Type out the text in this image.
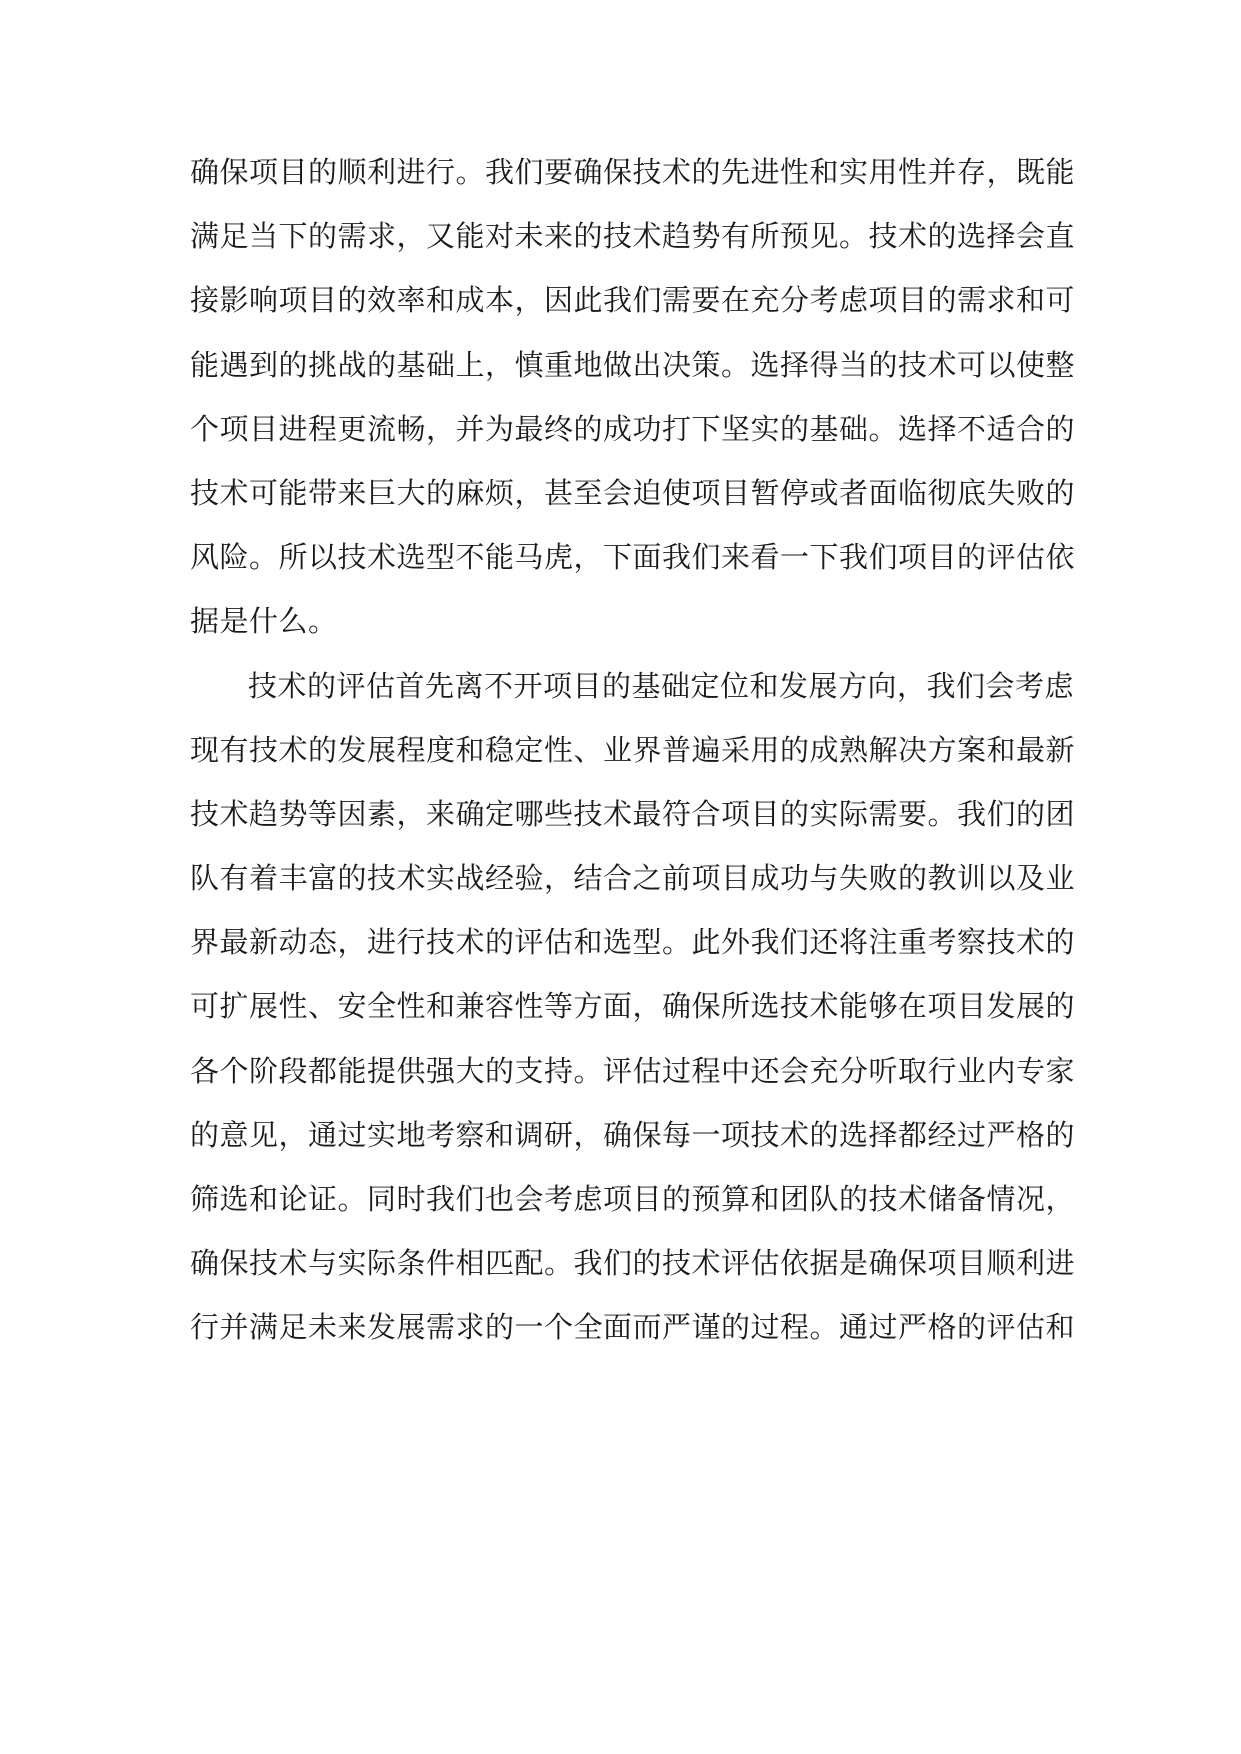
确保项目的顺利进行。我们要确保技术的先进性和实用性并存，既能
满足当下的需求，又能对未来的技术趋势有所预见。技术的选择会直
接影响项目的效率和成本，因此我们需要在充分考虑项目的需求和可
能遇到的挑战的基础上，慎重地做出决策。选择得当的技术可以使整
个项目进程更流畅，并为最终的成功打下坚实的基础。选择不适合的
技术可能带来巨大的麻烦，甚至会迫使项目暂停或者面临彻底失败的
风险。所以技术选型不能马虎，下面我们来看一下我们项目的评估依
据是什么。
技术的评估首先离不开项目的基础定位和发展方向，我们会考虑
现有技术的发展程度和稳定性、业界普遍采用的成熟解决方案和最新
技术趋势等因素，来确定哪些技术最符合项目的实际需要。我们的团
队有着丰富的技术实战经验，结合之前项目成功与失败的教训以及业
界最新动态，进行技术的评估和选型。此外我们还将注重考察技术的
可扩展性、安全性和兼容性等方面，确保所选技术能够在项目发展的
各个阶段都能提供强大的支持。评估过程中还会充分听取行业内专家
的意见，通过实地考察和调研，确保每一项技术的选择都经过严格的
筛选和论证。同时我们也会考虑项目的预算和团队的技术储备情况，
确保技术与实际条件相匹配。我们的技术评估依据是确保项目顺利进
行并满足未来发展需求的一个全面而严谨的过程。通过严格的评估和
